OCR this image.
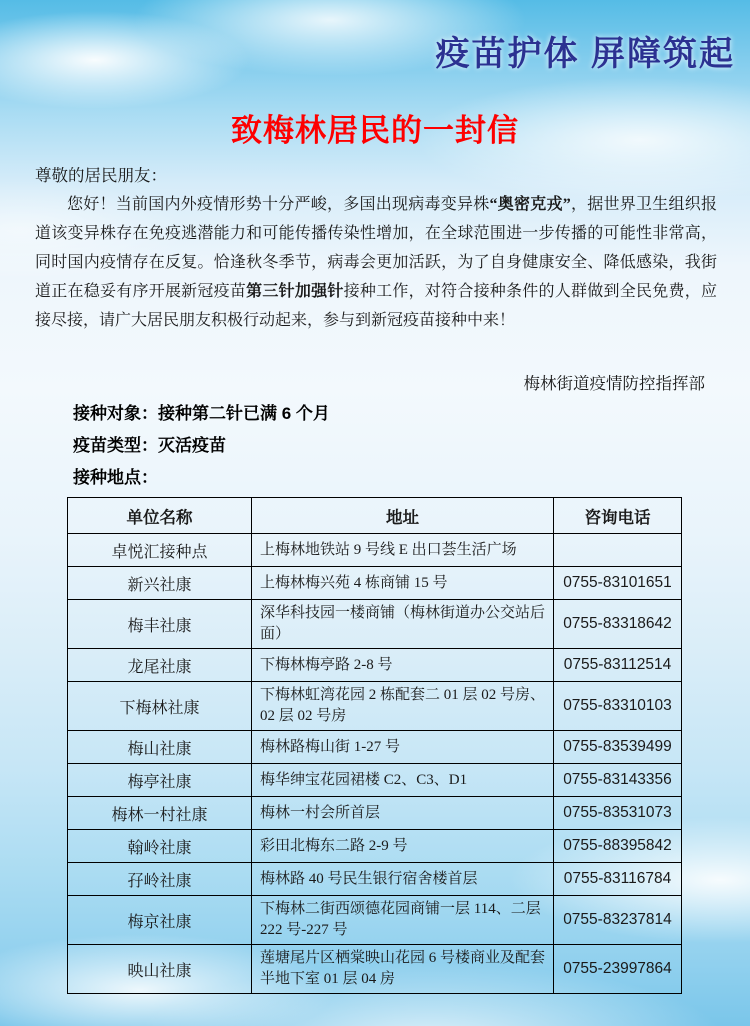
疫苗护体 屏障筑起
致梅林居民的一封信
尊敬的居民朋友：

您好！当前国内外疫情形势十分严峻，多国出现病毒变异株“奥密克戎”，据世界卫生组织报道该变异株存在免疫逃潜能力和可能传播传染性增加，在全球范围进一步传播的可能性非常高，同时国内疫情存在反复。恰逢秋冬季节，病毒会更加活跃，为了自身健康安全、降低感染，我街道正在稳妥有序开展新冠疫苗第三针加强针接种工作，对符合接种条件的人群做到全民免费，应接尽接，请广大居民朋友积极行动起来，参与到新冠疫苗接种中来！

梅林街道疫情防控指挥部
接种对象：接种第二针已满 6 个月
疫苗类型：灭活疫苗
接种地点：
单位名称	地址	咨询电话
卓悦汇接种点	上梅林地铁站 9 号线 E 出口荟生活广场	
新兴社康	上梅林梅兴苑 4 栋商铺 15 号	0755-83101651
梅丰社康	深华科技园一楼商铺（梅林街道办公交站后面）	0755-83318642
龙尾社康	下梅林梅亭路 2-8 号	0755-83112514
下梅林社康	下梅林虹湾花园 2 栋配套二 01 层 02 号房、02 层 02 号房	0755-83310103
梅山社康	梅林路梅山街 1-27 号	0755-83539499
梅亭社康	梅华绅宝花园裙楼 C2、C3、D1	0755-83143356
梅林一村社康	梅林一村会所首层	0755-83531073
翰岭社康	彩田北梅东二路 2-9 号	0755-88395842
孖岭社康	梅林路 40 号民生银行宿舍楼首层	0755-83116784
梅京社康	下梅林二街西颂德花园商铺一层 114、二层 222 号-227 号	0755-83237814
映山社康	莲塘尾片区栖棠映山花园 6 号楼商业及配套半地下室 01 层 04 房	0755-23997864
